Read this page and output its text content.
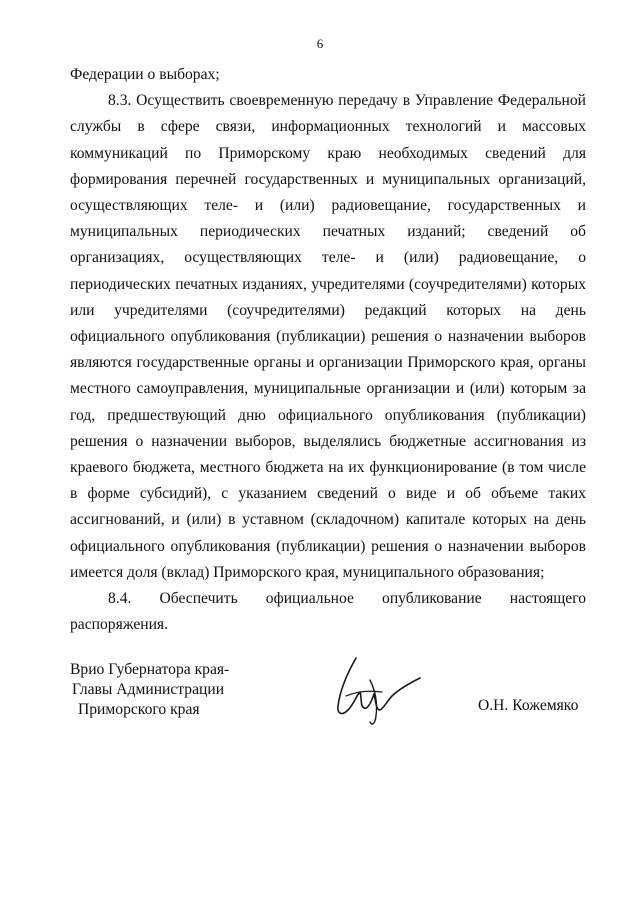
6

Федерации о выборах;

8.3. Осуществить своевременную передачу в Управление Федеральной службы в сфере связи, информационных технологий и массовых коммуникаций по Приморскому краю необходимых сведений для формирования перечней государственных и муниципальных организаций, осуществляющих теле- и (или) радиовещание, государственных и муниципальных периодических печатных изданий; сведений об организациях, осуществляющих теле- и (или) радиовещание, о периодических печатных изданиях, учредителями (соучредителями) которых или учредителями (соучредителями) редакций которых на день официального опубликования (публикации) решения о назначении выборов являются государственные органы и организации Приморского края, органы местного самоуправления, муниципальные организации и (или) которым за год, предшествующий дню официального опубликования (публикации) решения о назначении выборов, выделялись бюджетные ассигнования из краевого бюджета, местного бюджета на их функционирование (в том числе в форме субсидий), с указанием сведений о виде и об объеме таких ассигнований, и (или) в уставном (складочном) капитале которых на день официального опубликования (публикации) решения о назначении выборов имеется доля (вклад) Приморского края, муниципального образования;

8.4. Обеспечить официальное опубликование настоящего распоряжения.

Врио Губернатора края-
Главы Администрации
Приморского края	О.Н. Кожемяко
